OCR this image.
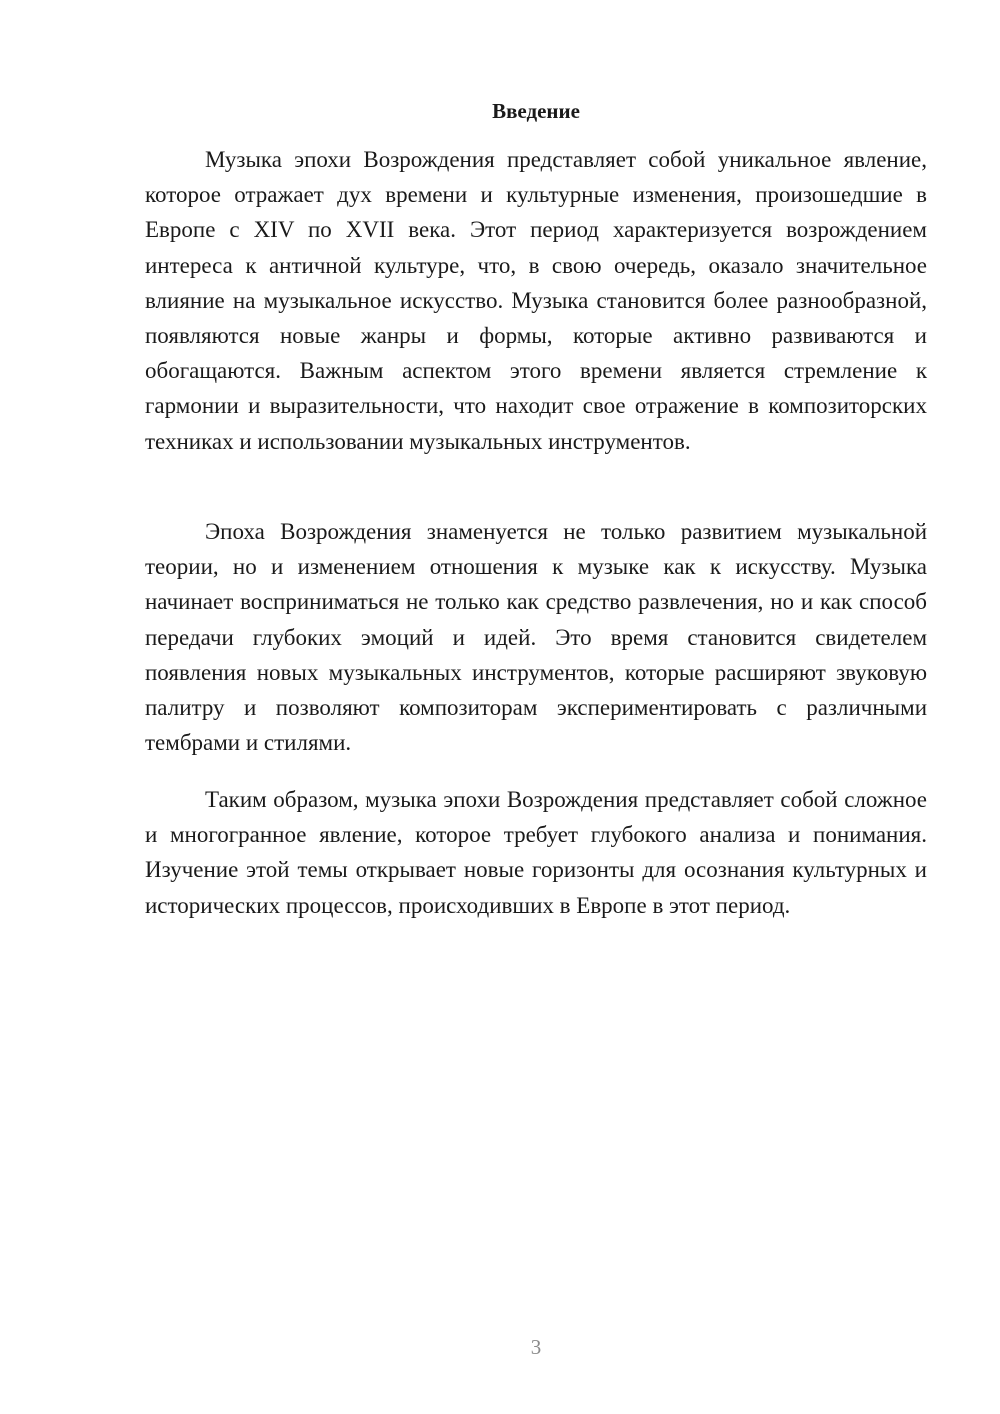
Введение

Музыка эпохи Возрождения представляет собой уникальное явление, которое отражает дух времени и культурные изменения, произошедшие в Европе с XIV по XVII века. Этот период характеризуется возрождением интереса к античной культуре, что, в свою очередь, оказало значительное влияние на музыкальное искусство. Музыка становится более разнообразной, появляются новые жанры и формы, которые активно развиваются и обогащаются. Важным аспектом этого времени является стремление к гармонии и выразительности, что находит свое отражение в композиторских техниках и использовании музыкальных инструментов.

Эпоха Возрождения знаменуется не только развитием музыкальной теории, но и изменением отношения к музыке как к искусству. Музыка начинает восприниматься не только как средство развлечения, но и как способ передачи глубоких эмоций и идей. Это время становится свидетелем появления новых музыкальных инструментов, которые расширяют звуковую палитру и позволяют композиторам экспериментировать с различными тембрами и стилями.

Таким образом, музыка эпохи Возрождения представляет собой сложное и многогранное явление, которое требует глубокого анализа и понимания. Изучение этой темы открывает новые горизонты для осознания культурных и исторических процессов, происходивших в Европе в этот период.

3
